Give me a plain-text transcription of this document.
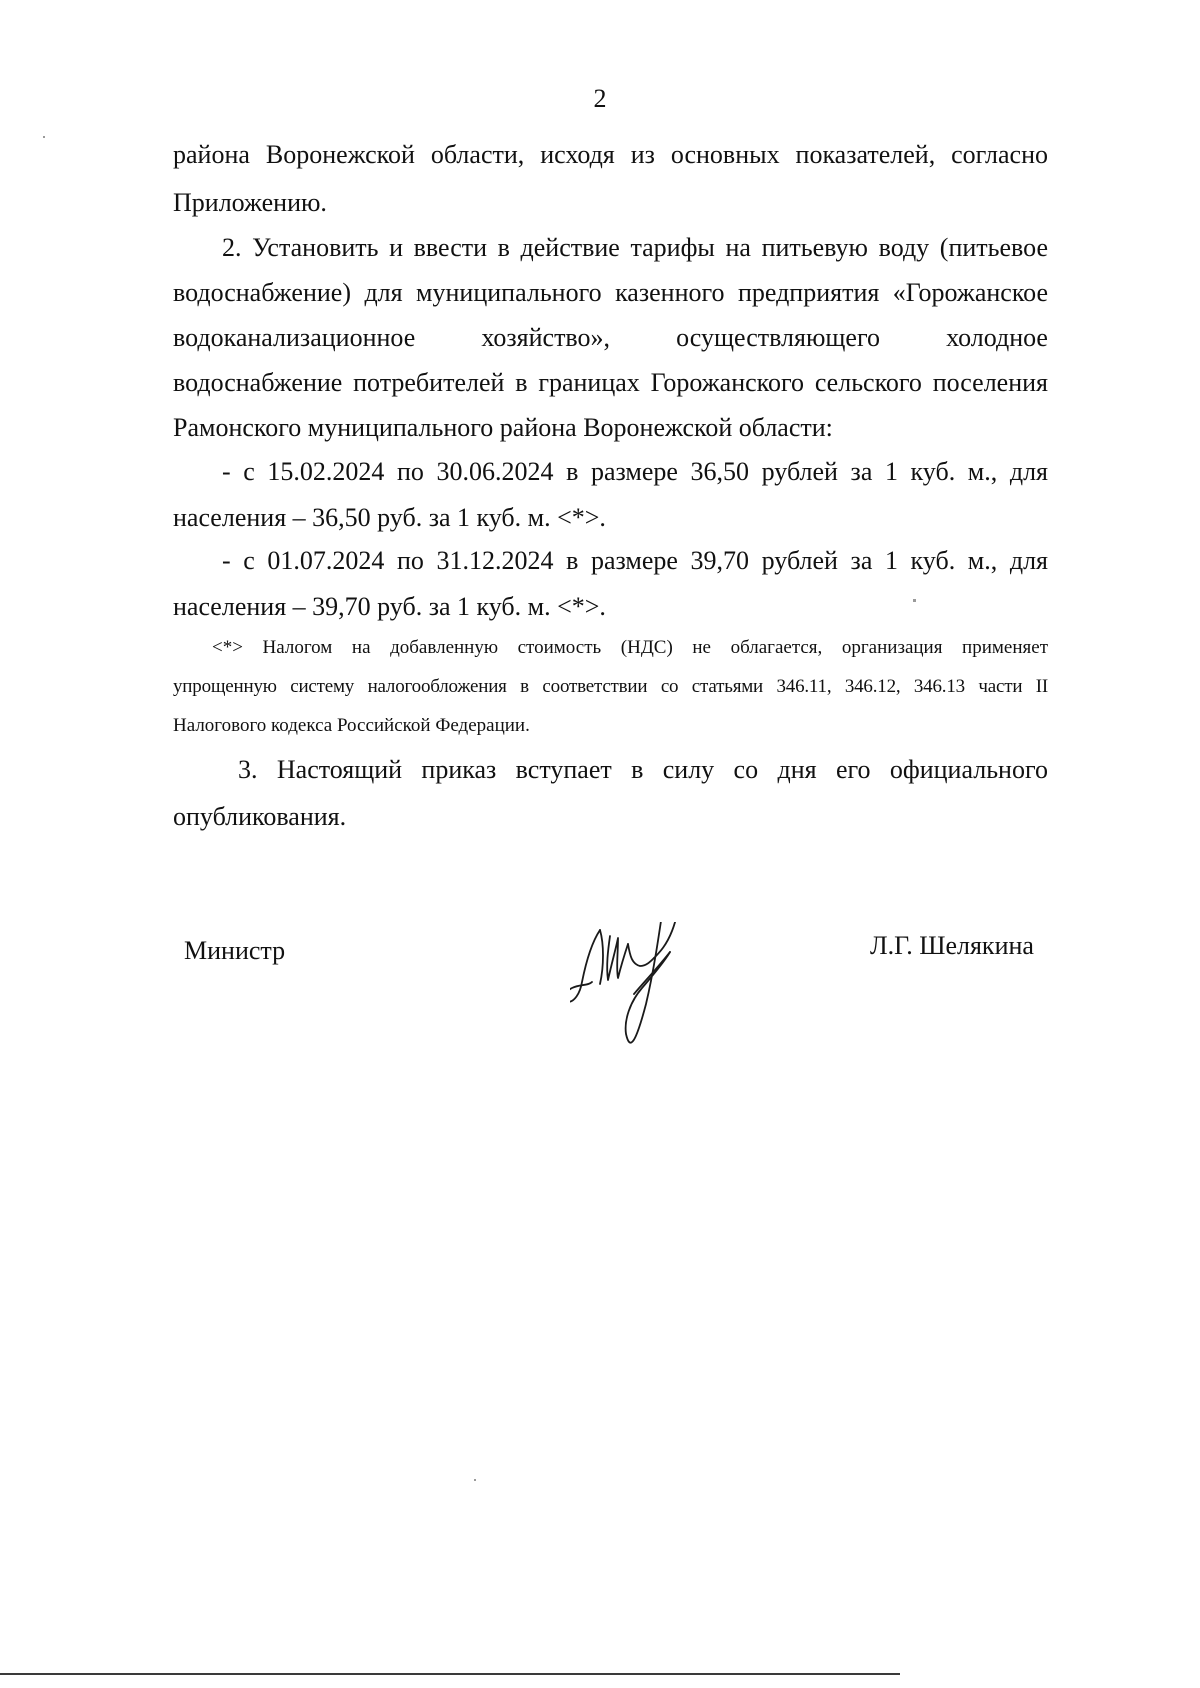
2
района Воронежской области, исходя из основных показателей, согласно
Приложению.
2. Установить и ввести в действие тарифы на питьевую воду (питьевое
водоснабжение) для муниципального казенного предприятия «Горожанское
водоканализационное	хозяйство»,	осуществляющего	холодное
водоснабжение потребителей в границах Горожанского сельского поселения
Рамонского муниципального района Воронежской области:
- с 15.02.2024 по 30.06.2024 в размере 36,50 рублей за 1 куб. м., для
населения – 36,50 руб. за 1 куб. м. <*>.
- с 01.07.2024 по 31.12.2024 в размере 39,70 рублей за 1 куб. м., для
населения – 39,70 руб. за 1 куб. м. <*>.
<*> Налогом на добавленную стоимость (НДС) не облагается, организация применяет
упрощенную систему налогообложения в соответствии со статьями 346.11, 346.12, 346.13 части II
Налогового кодекса Российской Федерации.
3. Настоящий приказ вступает в силу со дня его официального
опубликования.
Министр	Л.Г. Шелякина
